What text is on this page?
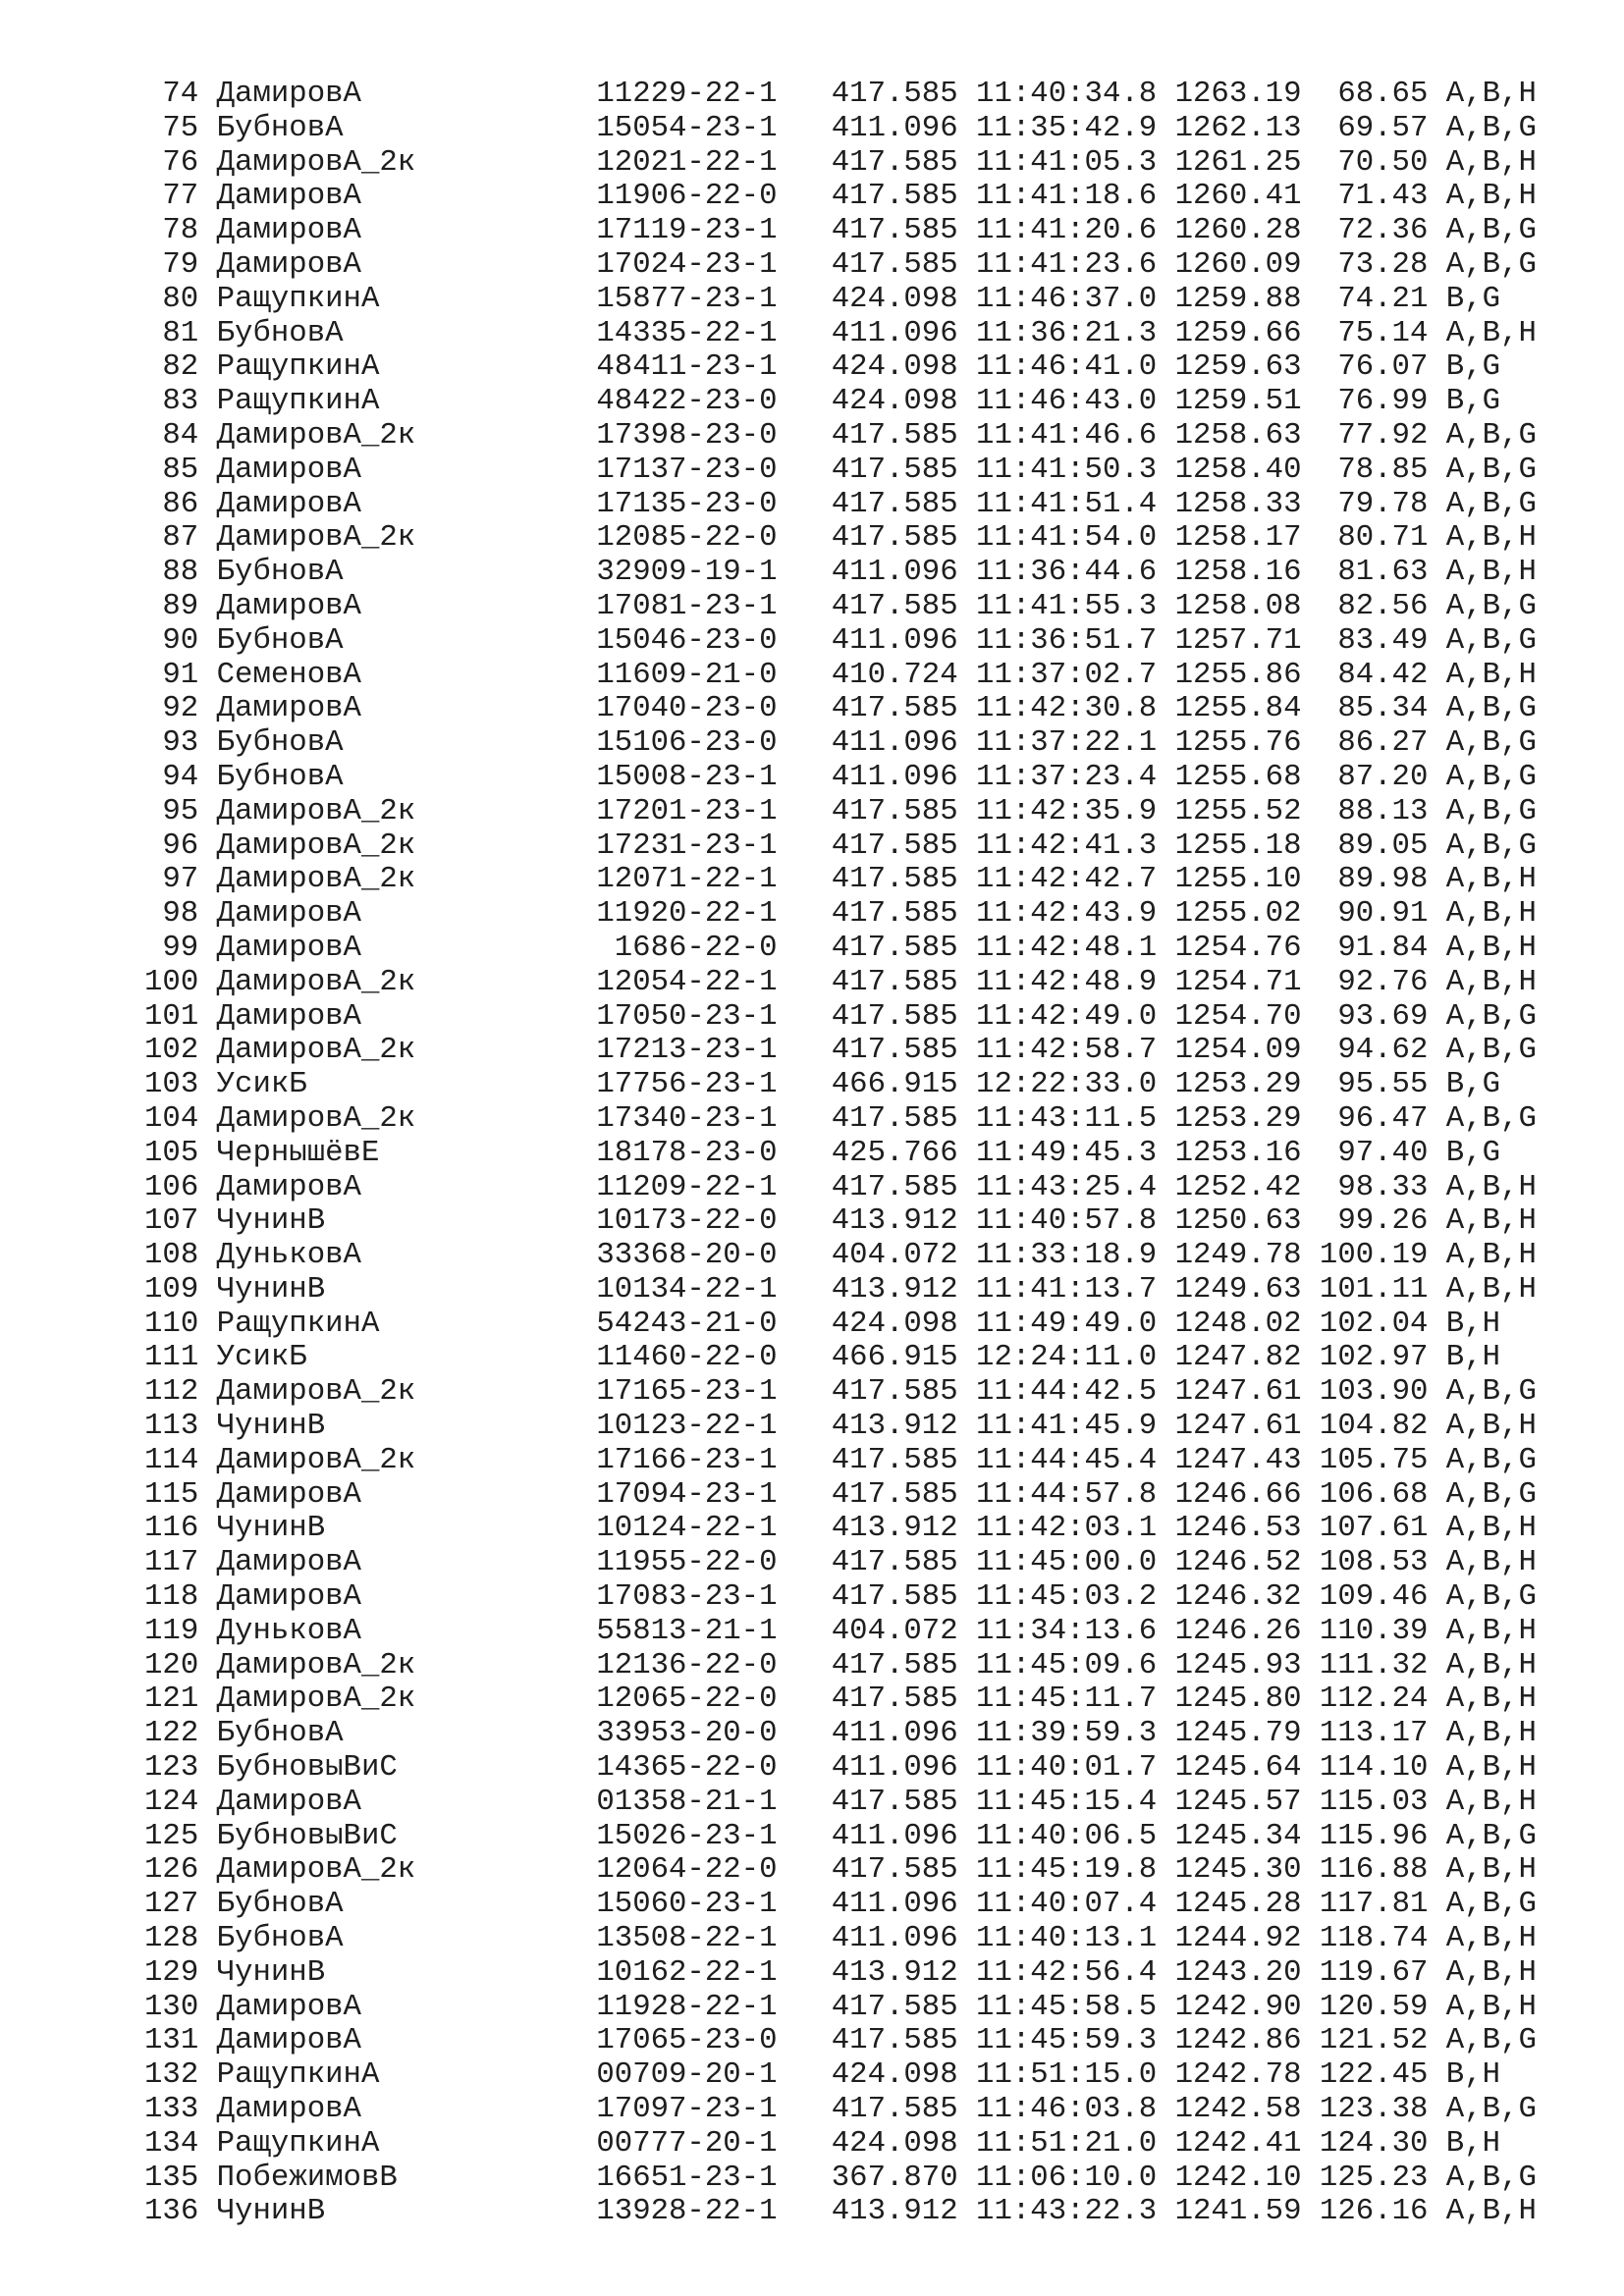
74 ДамировА	11229-22-1 417.585 11:40:34.8 1263.19	68.65 A,B,H
75 БубновА	15054-23-1 411.096 11:35:42.9 1262.13	69.57 A,B,G
76 ДамировА_2к	12021-22-1 417.585 11:41:05.3 1261.25	70.50 A,B,H
77 ДамировА	11906-22-0 417.585 11:41:18.6 1260.41	71.43 A,B,H
78 ДамировА	17119-23-1 417.585 11:41:20.6 1260.28	72.36 A,B,G
79 ДамировА	17024-23-1 417.585 11:41:23.6 1260.09	73.28 A,B,G
80 РащупкинА	15877-23-1 424.098 11:46:37.0 1259.88	74.21 B,G
81 БубновА	14335-22-1 411.096 11:36:21.3 1259.66	75.14 A,B,H
82 РащупкинА	48411-23-1 424.098 11:46:41.0 1259.63	76.07 B,G
83 РащупкинА	48422-23-0 424.098 11:46:43.0 1259.51	76.99 B,G
84 ДамировА_2к	17398-23-0 417.585 11:41:46.6 1258.63	77.92 A,B,G
85 ДамировА	17137-23-0 417.585 11:41:50.3 1258.40	78.85 A,B,G
86 ДамировА	17135-23-0 417.585 11:41:51.4 1258.33	79.78 A,B,G
87 ДамировА_2к	12085-22-0 417.585 11:41:54.0 1258.17	80.71 A,B,H
88 БубновА	32909-19-1 411.096 11:36:44.6 1258.16	81.63 A,B,H
89 ДамировА	17081-23-1 417.585 11:41:55.3 1258.08	82.56 A,B,G
90 БубновА	15046-23-0 411.096 11:36:51.7 1257.71	83.49 A,B,G
91 СеменовА	11609-21-0 410.724 11:37:02.7 1255.86	84.42 A,B,H
92 ДамировА	17040-23-0 417.585 11:42:30.8 1255.84	85.34 A,B,G
93 БубновА	15106-23-0 411.096 11:37:22.1 1255.76	86.27 A,B,G
94 БубновА	15008-23-1 411.096 11:37:23.4 1255.68	87.20 A,B,G
95 ДамировА_2к	17201-23-1 417.585 11:42:35.9 1255.52	88.13 A,B,G
96 ДамировА_2к	17231-23-1 417.585 11:42:41.3 1255.18	89.05 A,B,G
97 ДамировА_2к	12071-22-1 417.585 11:42:42.7 1255.10	89.98 A,B,H
98 ДамировА	11920-22-1 417.585 11:42:43.9 1255.02	90.91 A,B,H
99 ДамировА	1686-22-0 417.585 11:42:48.1 1254.76	91.84 A,B,H
100 ДамировА_2к	12054-22-1 417.585 11:42:48.9 1254.71	92.76 A,B,H
101 ДамировА	17050-23-1 417.585 11:42:49.0 1254.70	93.69 A,B,G
102 ДамировА_2к	17213-23-1 417.585 11:42:58.7 1254.09	94.62 A,B,G
103 УсикБ	17756-23-1 466.915 12:22:33.0 1253.29	95.55 B,G
104 ДамировА_2к	17340-23-1 417.585 11:43:11.5 1253.29	96.47 A,B,G
105 ЧернышёвЕ	18178-23-0 425.766 11:49:45.3 1253.16	97.40 B,G
106 ДамировА	11209-22-1 417.585 11:43:25.4 1252.42	98.33 A,B,H
107 ЧунинВ	10173-22-0 413.912 11:40:57.8 1250.63	99.26 A,B,H
108 ДуньковА	33368-20-0 404.072 11:33:18.9 1249.78 100.19 A,B,H
109 ЧунинВ	10134-22-1 413.912 11:41:13.7 1249.63 101.11 A,B,H
110 РащупкинА	54243-21-0 424.098 11:49:49.0 1248.02 102.04 B,H
111 УсикБ	11460-22-0 466.915 12:24:11.0 1247.82 102.97 B,H
112 ДамировА_2к	17165-23-1 417.585 11:44:42.5 1247.61 103.90 A,B,G
113 ЧунинВ	10123-22-1 413.912 11:41:45.9 1247.61 104.82 A,B,H
114 ДамировА_2к	17166-23-1 417.585 11:44:45.4 1247.43 105.75 A,B,G
115 ДамировА	17094-23-1 417.585 11:44:57.8 1246.66 106.68 A,B,G
116 ЧунинВ	10124-22-1 413.912 11:42:03.1 1246.53 107.61 A,B,H
117 ДамировА	11955-22-0 417.585 11:45:00.0 1246.52 108.53 A,B,H
118 ДамировА	17083-23-1 417.585 11:45:03.2 1246.32 109.46 A,B,G
119 ДуньковА	55813-21-1 404.072 11:34:13.6 1246.26 110.39 A,B,H
120 ДамировА_2к	12136-22-0 417.585 11:45:09.6 1245.93 111.32 A,B,H
121 ДамировА_2к	12065-22-0 417.585 11:45:11.7 1245.80 112.24 A,B,H
122 БубновА	33953-20-0 411.096 11:39:59.3 1245.79 113.17 A,B,H
123 БубновыВиС	14365-22-0 411.096 11:40:01.7 1245.64 114.10 A,B,H
124 ДамировА	01358-21-1 417.585 11:45:15.4 1245.57 115.03 A,B,H
125 БубновыВиС	15026-23-1 411.096 11:40:06.5 1245.34 115.96 A,B,G
126 ДамировА_2к	12064-22-0 417.585 11:45:19.8 1245.30 116.88 A,B,H
127 БубновА	15060-23-1 411.096 11:40:07.4 1245.28 117.81 A,B,G
128 БубновА	13508-22-1 411.096 11:40:13.1 1244.92 118.74 A,B,H
129 ЧунинВ	10162-22-1 413.912 11:42:56.4 1243.20 119.67 A,B,H
130 ДамировА	11928-22-1 417.585 11:45:58.5 1242.90 120.59 A,B,H
131 ДамировА	17065-23-0 417.585 11:45:59.3 1242.86 121.52 A,B,G
132 РащупкинА	00709-20-1 424.098 11:51:15.0 1242.78 122.45 B,H
133 ДамировА	17097-23-1 417.585 11:46:03.8 1242.58 123.38 A,B,G
134 РащупкинА	00777-20-1 424.098 11:51:21.0 1242.41 124.30 B,H
135 ПобежимовВ	16651-23-1 367.870 11:06:10.0 1242.10 125.23 A,B,G
136 ЧунинВ	13928-22-1 413.912 11:43:22.3 1241.59 126.16 A,B,H
